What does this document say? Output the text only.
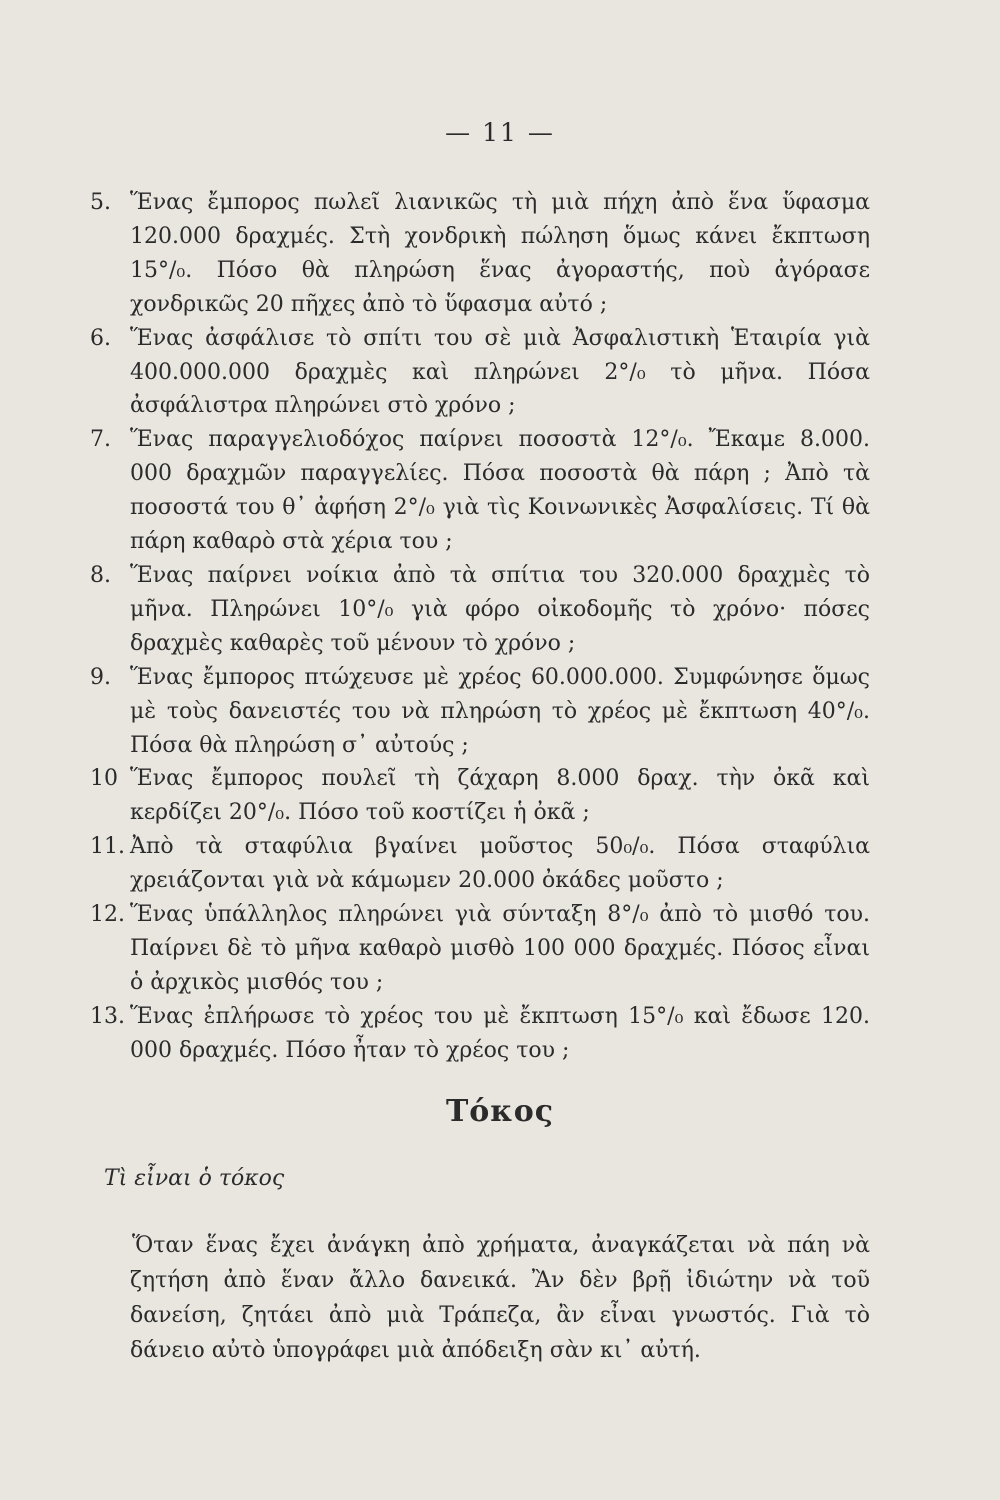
— 11 —
5. Ἕνας ἔμπορος πωλεῖ λιανικῶς τὴ μιὰ πήχη ἀπὸ ἕνα ὕφασμα 120.000 δραχμές. Στὴ χονδρικὴ πώληση ὅμως κάνει ἔκπτωση 15°/₀. Πόσο θὰ πληρώση ἕνας ἀγοραστής, ποὺ ἀγόρασε χονδρικῶς 20 πῆχες ἀπὸ τὸ ὕφασμα αὐτό ;
6. Ἕνας ἀσφάλισε τὸ σπίτι του σὲ μιὰ Ἀσφαλιστικὴ Ἑταιρία γιὰ 400.000.000 δραχμὲς καὶ πληρώνει 2°/₀ τὸ μῆνα. Πόσα ἀσφάλιστρα πληρώνει στὸ χρόνο ;
7. Ἕνας παραγγελιοδόχος παίρνει ποσοστὰ 12°/₀. Ἔκαμε 8.000. 000 δραχμῶν παραγγελίες. Πόσα ποσοστὰ θὰ πάρη ; Ἀπὸ τὰ ποσοστά του θ᾿ ἀφήση 2°/₀ γιὰ τὶς Κοινωνικὲς Ἀσφαλίσεις. Τί θὰ πάρη καθαρὸ στὰ χέρια του ;
8. Ἕνας παίρνει νοίκια ἀπὸ τὰ σπίτια του 320.000 δραχμὲς τὸ μῆνα. Πληρώνει 10°/₀ γιὰ φόρο οἰκοδομῆς τὸ χρόνο· πόσες δραχμὲς καθαρὲς τοῦ μένουν τὸ χρόνο ;
9. Ἕνας ἔμπορος πτώχευσε μὲ χρέος 60.000.000. Συμφώνησε ὅμως μὲ τοὺς δανειστές του νὰ πληρώση τὸ χρέος μὲ ἔκπτωση 40°/₀. Πόσα θὰ πληρώση σ᾿ αὐτούς ;
10 Ἕνας ἔμπορος πουλεῖ τὴ ζάχαρη 8.000 δραχ. τὴν ὀκᾶ καὶ κερδίζει 20°/₀. Πόσο τοῦ κοστίζει ἡ ὀκᾶ ;
11. Ἀπὸ τὰ σταφύλια βγαίνει μοῦστος 50₀/₀. Πόσα σταφύλια χρειάζονται γιὰ νὰ κάμωμεν 20.000 ὀκάδες μοῦστο ;
12. Ἕνας ὑπάλληλος πληρώνει γιὰ σύνταξη 8°/₀ ἀπὸ τὸ μισθό του. Παίρνει δὲ τὸ μῆνα καθαρὸ μισθὸ 100 000 δραχμές. Πόσος εἶναι ὁ ἀρχικὸς μισθός του ;
13. Ἕνας ἐπλήρωσε τὸ χρέος του μὲ ἔκπτωση 15°/₀ καὶ ἔδωσε 120. 000 δραχμές. Πόσο ἦταν τὸ χρέος του ;
Τόκος
Τὶ εἶναι ὁ τόκος
Ὅταν ἕνας ἔχει ἀνάγκη ἀπὸ χρήματα, ἀναγκάζεται νὰ πάη νὰ ζητήση ἀπὸ ἕναν ἄλλο δανεικά. Ἂν δὲν βρῇ ἰδιώτην νὰ τοῦ δανείση, ζητάει ἀπὸ μιὰ Τράπεζα, ἂν εἶναι γνωστός. Γιὰ τὸ δάνειο αὐτὸ ὑπογράφει μιὰ ἀπόδειξη σὰν κι᾿ αὐτή.
